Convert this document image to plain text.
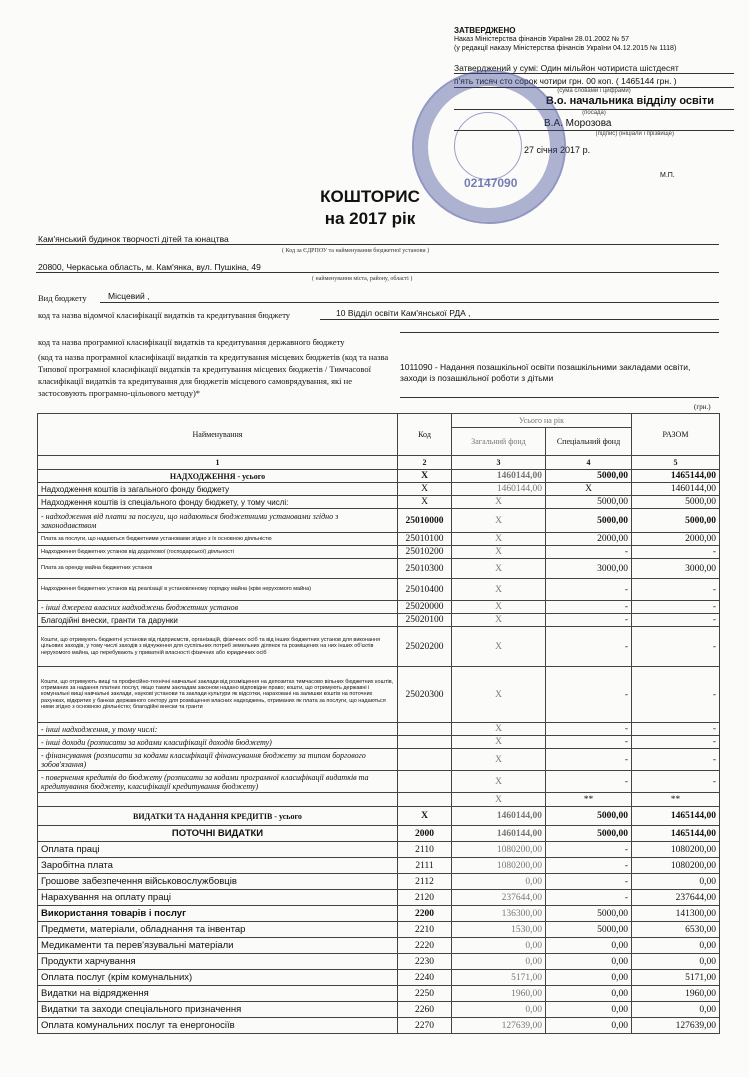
ЗАТВЕРДЖЕНО
Наказ Міністерства фінансів України 28.01.2002 № 57
(у редакції наказу Міністерства фінансів України 04.12.2015 № 1118)
Затверджений у сумі: Один мільйон чотириста шістдесят
п'ять тисяч сто сорок чотири грн. 00 коп. ( 1465144 грн. )
(сума словами і цифрами)
В.о. начальника відділу освіти
(посада)
В.А. Морозова
(підпис) (ініціали і прізвище)
27 січня 2017 р.
02147090
М.П.
КОШТОРИС
на 2017 рік
Кам'янський будинок творчості дітей та юнацтва
( Код за ЄДРПОУ та найменування бюджетної установи )
20800, Черкаська область, м. Кам'янка, вул. Пушкіна, 49
( найменування міста, району, області )
Вид бюджету	Місцевий ,
код та назва відомчої класифікації видатків та кредитування бюджету	10 Відділ освіти Кам'янської РДА ,
код та назва програмної класифікації видатків та кредитування державного бюджету
(код та назва програмної класифікації видатків та кредитування місцевих бюджетів (код та назва Типової програмної класифікації видатків та кредитування місцевих бюджетів / Тимчасової класифікації видатків та кредитування для бюджетів місцевого самоврядування, які не застосовують програмно-цільового методу)*
1011090 - Надання позашкільної освіти позашкільними закладами освіти, заходи із позашкільної роботи з дітьми
(грн.)
Найменування	Код	Усього на рік		РАЗОМ
		Загальний фонд	Спеціальний фонд	
1	2	3	4	5
НАДХОДЖЕННЯ - усього	X	1460144,00	5000,00	1465144,00
Надходження коштів із загального фонду бюджету	X	1460144,00	X	1460144,00
Надходження коштів із спеціального фонду бюджету, у тому числі:	X	X	5000,00	5000,00
- надходження від плати за послуги, що надаються бюджетними установами згідно з законодавством	25010000	X	5000,00	5000,00
Плата за послуги, що надаються бюджетними установами згідно з їх основною діяльністю	25010100	X	2000,00	2000,00
Надходження бюджетних установ від додаткової (господарської) діяльності	25010200	X	-	-
Плата за оренду майна бюджетних установ	25010300	X	3000,00	3000,00
Надходження бюджетних установ від реалізації в установленому порядку майна (крім нерухомого майна)	25010400	X	-	-
- інші джерела власних надходжень бюджетних установ	25020000	X	-	-
Благодійні внески, гранти та дарунки	25020100	X	-	-
Кошти, що отримують бюджетні установи від підприємств, організацій, фізичних осіб та від інших бюджетних установ для виконання цільових заходів, у тому числі заходів з відчуження для суспільних потреб земельних ділянок та розміщених на них інших об'єктів нерухомого майна, що перебувають у приватній власності фізичних або юридичних осіб	25020200	X	-	-
Кошти, що отримують вищі та професійно-технічні навчальні заклади від розміщення на депозитах тимчасово вільних бюджетних коштів, отриманих за надання платних послуг, якщо таким закладам законом надано відповідне право; кошти, що отримують державні і комунальні вищі навчальні заклади, наукові установи та заклади культури як відсотки, нараховані на залишки коштів на поточних рахунках, відкритих у банках державного сектору для розміщення власних надходжень, отриманих як плата за послуги, що надаються ними згідно з основною діяльністю; благодійні внески та гранти	25020300	X	-	-
- інші надходження, у тому числі:		X	-	-
- інші доходи (розписати за кодами класифікації доходів бюджету)		X	-	-
- фінансування (розписати за кодами класифікації фінансування бюджету за типом боргового зобов'язання)		X	-	-
- повернення кредитів до бюджету (розписати за кодами програмної класифікації видатків та кредитування бюджету, класифікації кредитування бюджету)		X	-	-
		X	**	**
ВИДАТКИ ТА НАДАННЯ КРЕДИТІВ - усього	X	1460144,00	5000,00	1465144,00
ПОТОЧНІ ВИДАТКИ	2000	1460144,00	5000,00	1465144,00
Оплата праці	2110	1080200,00	-	1080200,00
Заробітна плата	2111	1080200,00	-	1080200,00
Грошове забезпечення військовослужбовців	2112	0,00	-	0,00
Нарахування на оплату праці	2120	237644,00	-	237644,00
Використання товарів і послуг	2200	136300,00	5000,00	141300,00
Предмети, матеріали, обладнання та інвентар	2210	1530,00	5000,00	6530,00
Медикаменти та перев'язувальні матеріали	2220	0,00	0,00	0,00
Продукти харчування	2230	0,00	0,00	0,00
Оплата послуг (крім комунальних)	2240	5171,00	0,00	5171,00
Видатки на відрядження	2250	1960,00	0,00	1960,00
Видатки та заходи спеціального призначення	2260	0,00	0,00	0,00
Оплата комунальних послуг та енергоносіїв	2270	127639,00	0,00	127639,00
